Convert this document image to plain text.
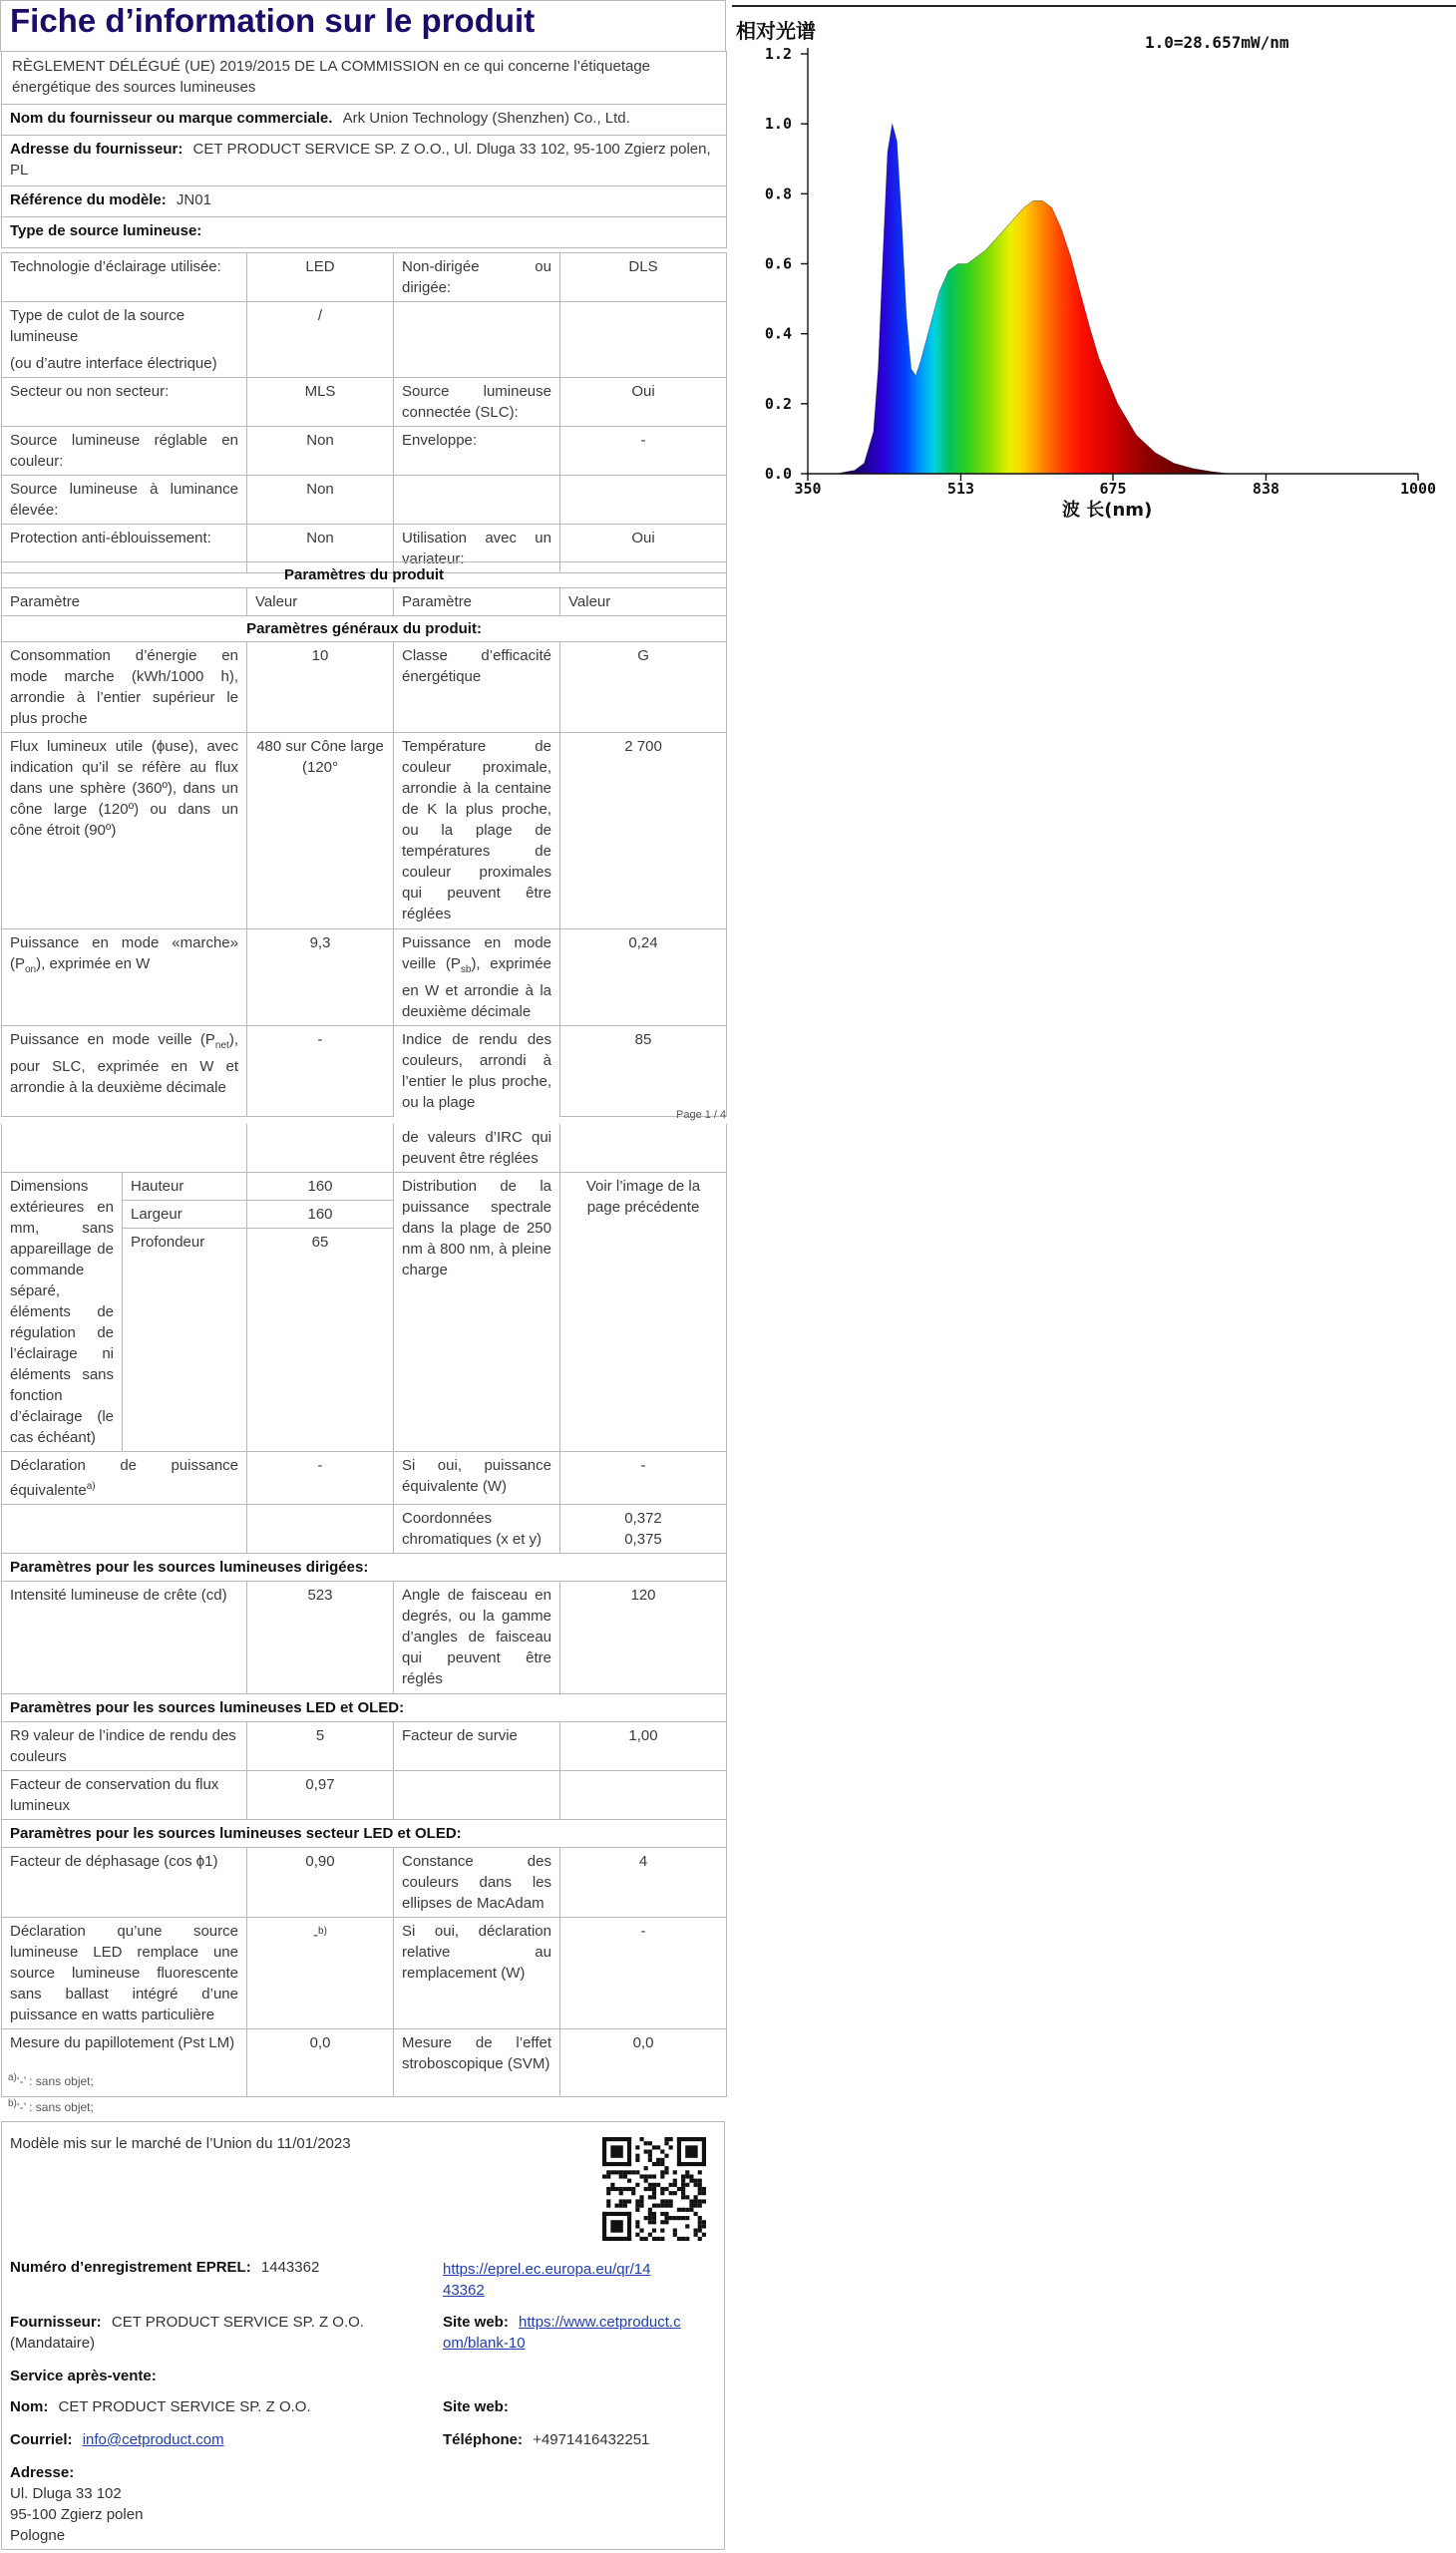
Fiche d’information sur le produit
RÈGLEMENT DÉLÉGUÉ (UE) 2019/2015 DE LA COMMISSION en ce qui concerne l’étiquetage énergétique des sources lumineuses
Nom du fournisseur ou marque commerciale. Ark Union Technology (Shenzhen) Co., Ltd.
Adresse du fournisseur: CET PRODUCT SERVICE SP. Z O.O., Ul. Dluga 33 102, 95-100 Zgierz polen, PL
Référence du modèle: JN01
Type de source lumineuse:
Technologie d’éclairage utilisée:	LED	Non-dirigée ou dirigée:	DLS

Type de culot de la source lumineuse
(ou d’autre interface électrique)	/		
Secteur ou non secteur:	MLS	Source lumineuse connectée (SLC):	Oui
Source lumineuse réglable en couleur:	Non	Enveloppe:	-
Source lumineuse à luminance élevée:	Non		
Protection anti-éblouissement:	Non	Utilisation avec un variateur:	Oui
Paramètres du produit			
Paramètre	Valeur	Paramètre	Valeur
Paramètres généraux du produit:			
Consommation d’énergie en mode marche (kWh/1000 h), arrondie à l’entier supérieur le plus proche	10	Classe d’efficacité énergétique	G
Flux lumineux utile (ϕuse), avec indication qu’il se réfère au flux dans une sphère (360º), dans un cône large (120º) ou dans un cône étroit (90º)	480 sur Cône large (120°	Température de couleur proximale, arrondie à la centaine de K la plus proche, ou la plage de températures de couleur proximales qui peuvent être réglées	2 700
Puissance en mode «marche» $(P_{on})$, exprimée en W	9,3	Puissance en mode veille $(P_{sb})$, exprimée en W et arrondie à la deuxième décimale	0,24
Puissance en mode veille $(P_{net})$, pour SLC, exprimée en W et arrondie à la deuxième décimale	-	Indice de rendu des couleurs, arrondi à l’entier le plus proche, ou la plage	85
Page 1 / 4
			de valeurs d’IRC qui peuvent être réglées	
Dimensions extérieures en mm, sans appareillage de commande séparé, éléments de régulation de l’éclairage ni éléments sans fonction d’éclairage (le cas échéant)	Hauteur	160	Distribution de la puissance spectrale dans la plage de 250 nm à 800 nm, à pleine charge	Voir l’image de la page précédente
	Largeur	160		
	Profondeur	65		
Déclaration de puissance équivalente$^{a)}$		-	Si oui, puissance équivalente (W)	-
			Coordonnées chromatiques (x et y)	0,372
0,375

Paramètres pour les sources lumineuses dirigées:				
Intensité lumineuse de crête (cd)		523	Angle de faisceau en degrés, ou la gamme d’angles de faisceau qui peuvent être réglés	120
Paramètres pour les sources lumineuses LED et OLED:				
R9 valeur de l’indice de rendu des couleurs		5	Facteur de survie	1,00
Facteur de conservation du flux lumineux		0,97		
Paramètres pour les sources lumineuses secteur LED et OLED:				
Facteur de déphasage (cos ϕ1)		0,90	Constance des couleurs dans les ellipses de MacAdam	4
Déclaration qu’une source lumineuse LED remplace une source lumineuse fluorescente sans ballast intégré d’une puissance en watts particulière		-$^{b)}$	Si oui, déclaration relative au remplacement (W)	-
Mesure du papillotement (Pst LM)		0,0	Mesure de l’effet stroboscopique (SVM)	0,0
$^{a)}$‘-’ : sans objet;
$^{b)}$‘-’ : sans objet;
Modèle mis sur le marché de l’Union du 11/01/2023
Numéro d’enregistrement EPREL: 1443362	https://eprel.ec.europa.eu/qr/14
43362
Fournisseur: CET PRODUCT SERVICE SP. Z O.O. (Mandataire)
Site web: https://www.cetproduct.c
om/blank-10
Service après-vente:
Nom: CET PRODUCT SERVICE SP. Z O.O.	Site web:
Courriel: info@cetproduct.com	Téléphone: +4971416432251
Adresse:
Ul. Dluga 33 102
95-100 Zgierz polen
Pologne
相对光谱	1.0=28.657mW/nm
0.0
0.2
0.4
0.6
0.8
1.0
1.2
350	513	675	838	1000
波 长(nm)
